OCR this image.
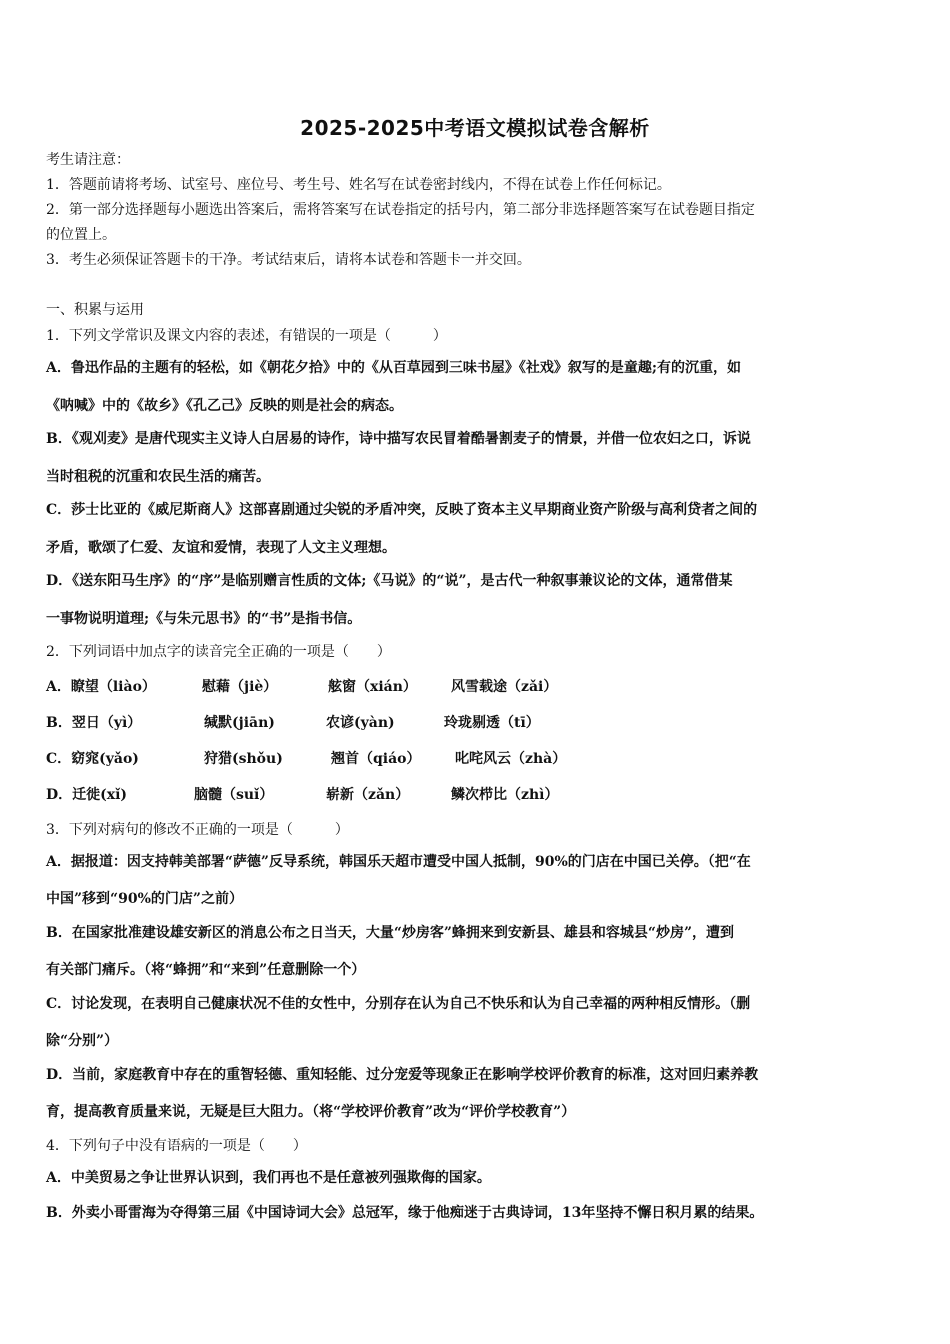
2025-2025中考语文模拟试卷含解析
考生请注意：
1．答题前请将考场、试室号、座位号、考生号、姓名写在试卷密封线内，不得在试卷上作任何标记。
2．第一部分选择题每小题选出答案后，需将答案写在试卷指定的括号内，第二部分非选择题答案写在试卷题目指定
的位置上。
3．考生必须保证答题卡的干净。考试结束后，请将本试卷和答题卡一并交回。
一、积累与运用
1．下列文学常识及课文内容的表述，有错误的一项是（　　　）
A．鲁迅作品的主题有的轻松，如《朝花夕拾》中的《从百草园到三味书屋》《社戏》叙写的是童趣;有的沉重，如
《呐喊》中的《故乡》《孔乙己》反映的则是社会的病态。
B．《观刈麦》是唐代现实主义诗人白居易的诗作，诗中描写农民冒着酷暑割麦子的情景，并借一位农妇之口，诉说
当时租税的沉重和农民生活的痛苦。
C．莎士比亚的《威尼斯商人》这部喜剧通过尖锐的矛盾冲突，反映了资本主义早期商业资产阶级与高利贷者之间的
矛盾，歌颂了仁爱、友谊和爱情，表现了人文主义理想。
D．《送东阳马生序》的“序”是临别赠言性质的文体;《马说》的“说”，是古代一种叙事兼议论的文体，通常借某
一事物说明道理;《与朱元思书》的“书”是指书信。
2．下列词语中加点字的读音完全正确的一项是（　　）
A．瞭望（liào）	慰藉（jiè）	舷窗（xián） 风雪载途（zǎi）
B．翌日（yì）	缄默(jiān)	农谚(yàn)	玲珑剔透（tī）
C．窈窕(yǎo)	狩猎(shǒu)	翘首（qiáo） 叱咤风云（zhà）
D．迁徙(xǐ)	脑髓（suǐ）	崭新（zǎn）	鳞次栉比（zhì）
3．下列对病句的修改不正确的一项是（　　　）
A．据报道：因支持韩美部署“萨德”反导系统，韩国乐天超市遭受中国人抵制，90%的门店在中国已关停。（把“在
中国”移到“90%的门店”之前）
B．在国家批准建设雄安新区的消息公布之日当天，大量“炒房客”蜂拥来到安新县、雄县和容城县“炒房”，遭到
有关部门痛斥。（将“蜂拥”和“来到”任意删除一个）
C．讨论发现，在表明自己健康状况不佳的女性中，分别存在认为自己不快乐和认为自己幸福的两种相反情形。（删
除“分别”）
D．当前，家庭教育中存在的重智轻德、重知轻能、过分宠爱等现象正在影响学校评价教育的标准，这对回归素养教
育，提高教育质量来说，无疑是巨大阻力。（将“学校评价教育”改为“评价学校教育”）
4．下列句子中没有语病的一项是（　　）
A．中美贸易之争让世界认识到，我们再也不是任意被列强欺侮的国家。
B．外卖小哥雷海为夺得第三届《中国诗词大会》总冠军，缘于他痴迷于古典诗词，13年坚持不懈日积月累的结果。
